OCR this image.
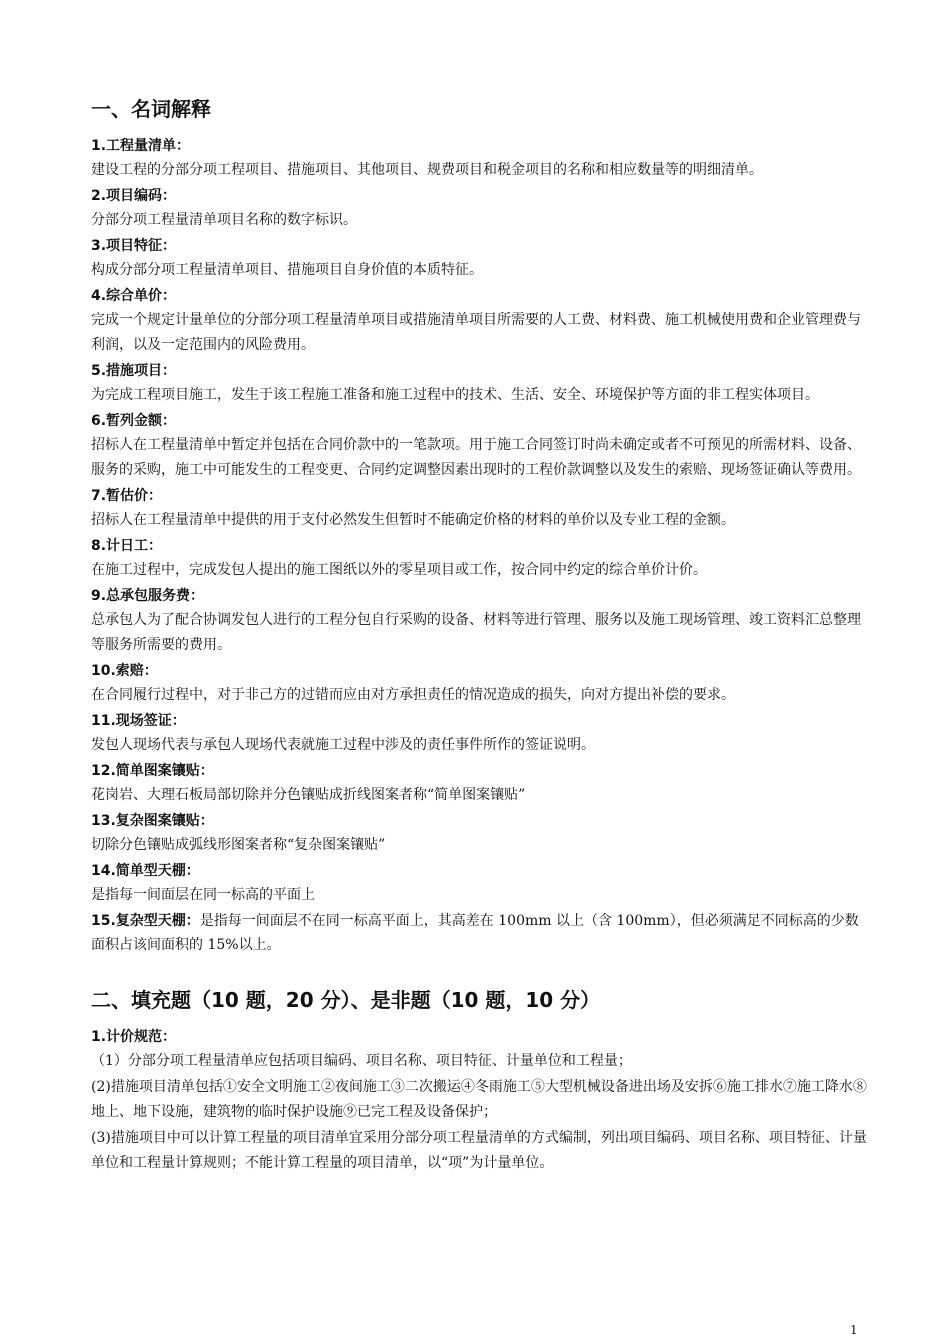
一、名词解释

1.工程量清单：

建设工程的分部分项工程项目、措施项目、其他项目、规费项目和税金项目的名称和相应数量等的明细清单。

2.项目编码：

分部分项工程量清单项目名称的数字标识。

3.项目特征：

构成分部分项工程量清单项目、措施项目自身价值的本质特征。

4.综合单价：

完成一个规定计量单位的分部分项工程量清单项目或措施清单项目所需要的人工费、材料费、施工机械使用费和企业管理费与利润，以及一定范围内的风险费用。

5.措施项目：

为完成工程项目施工，发生于该工程施工准备和施工过程中的技术、生活、安全、环境保护等方面的非工程实体项目。

6.暂列金额：

招标人在工程量清单中暂定并包括在合同价款中的一笔款项。用于施工合同签订时尚未确定或者不可预见的所需材料、设备、服务的采购，施工中可能发生的工程变更、合同约定调整因素出现时的工程价款调整以及发生的索赔、现场签证确认等费用。

7.暂估价：

招标人在工程量清单中提供的用于支付必然发生但暂时不能确定价格的材料的单价以及专业工程的金额。

8.计日工：

在施工过程中，完成发包人提出的施工图纸以外的零星项目或工作，按合同中约定的综合单价计价。

9.总承包服务费：

总承包人为了配合协调发包人进行的工程分包自行采购的设备、材料等进行管理、服务以及施工现场管理、竣工资料汇总整理等服务所需要的费用。

10.索赔：

在合同履行过程中，对于非己方的过错而应由对方承担责任的情况造成的损失，向对方提出补偿的要求。

11.现场签证：

发包人现场代表与承包人现场代表就施工过程中涉及的责任事件所作的签证说明。

12.简单图案镶贴：

花岗岩、大理石板局部切除并分色镶贴成折线图案者称“简单图案镶贴”

13.复杂图案镶贴：

切除分色镶贴成弧线形图案者称“复杂图案镶贴”

14.简单型天棚：

是指每一间面层在同一标高的平面上

15.复杂型天棚：是指每一间面层不在同一标高平面上，其高差在 100mm 以上（含 100mm），但必须满足不同标高的少数面积占该间面积的 15%以上。

二、填充题（10 题，20 分）、是非题（10 题，10 分）

1.计价规范：

（1）分部分项工程量清单应包括项目编码、项目名称、项目特征、计量单位和工程量；

(2)措施项目清单包括①安全文明施工②夜间施工③二次搬运④冬雨施工⑤大型机械设备进出场及安拆⑥施工排水⑦施工降水⑧地上、地下设施，建筑物的临时保护设施⑨已完工程及设备保护；

(3)措施项目中可以计算工程量的项目清单宜采用分部分项工程量清单的方式编制，列出项目编码、项目名称、项目特征、计量单位和工程量计算规则；不能计算工程量的项目清单，以“项”为计量单位。

1
